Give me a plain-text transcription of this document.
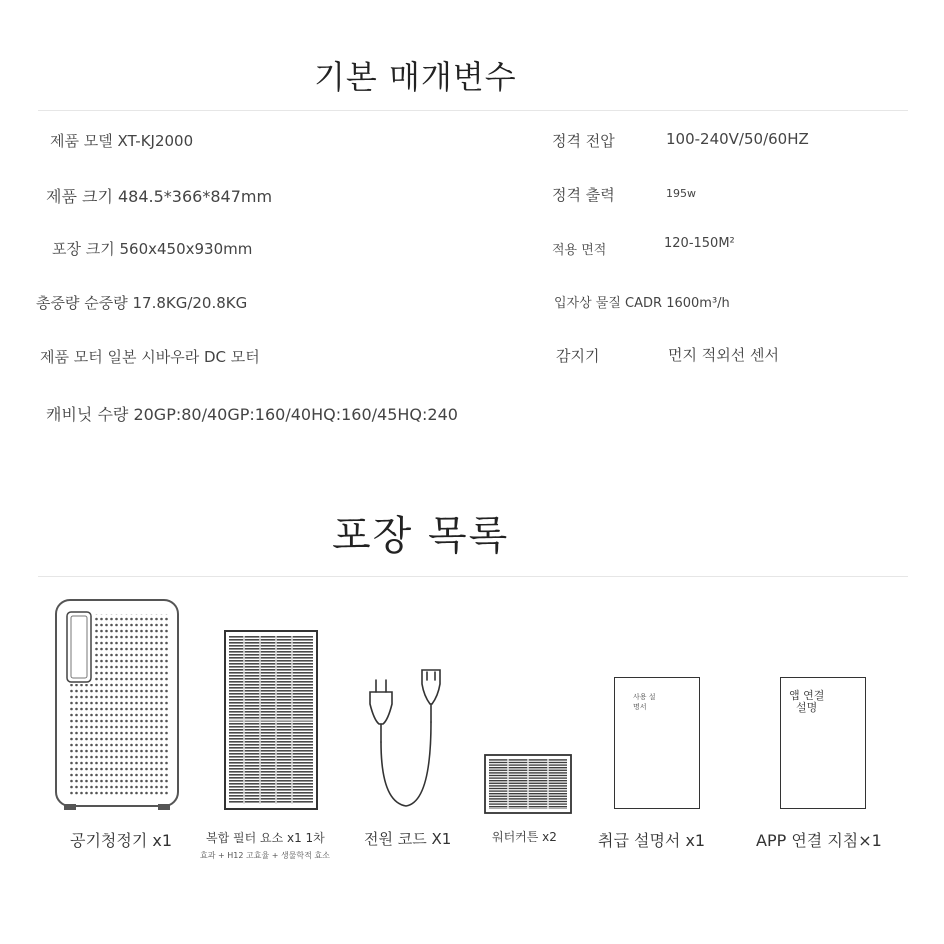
기본 매개변수
제품 모델 XT-KJ2000
제품 크기 484.5*366*847mm
포장 크기 560x450x930mm
총중량 순중량 17.8KG/20.8KG
제품 모터 일본 시바우라 DC 모터
캐비닛 수량 20GP:80/40GP:160/40HQ:160/45HQ:240
정격 전압	100-240V/50/60HZ
정격 출력	195w
적용 면적	120-150M²
입자상 물질 CADR 1600m³/h
감지기	먼지 적외선 센서
포장 목록
사용 설
명서
앱 연결
설명
공기청정기 x1	복합 필터 요소 x1 1차
효과 + H12 고효율 + 생물학적 효소
전원 코드 X1	워터커튼 x2	취급 설명서 x1	APP 연결 지침×1
